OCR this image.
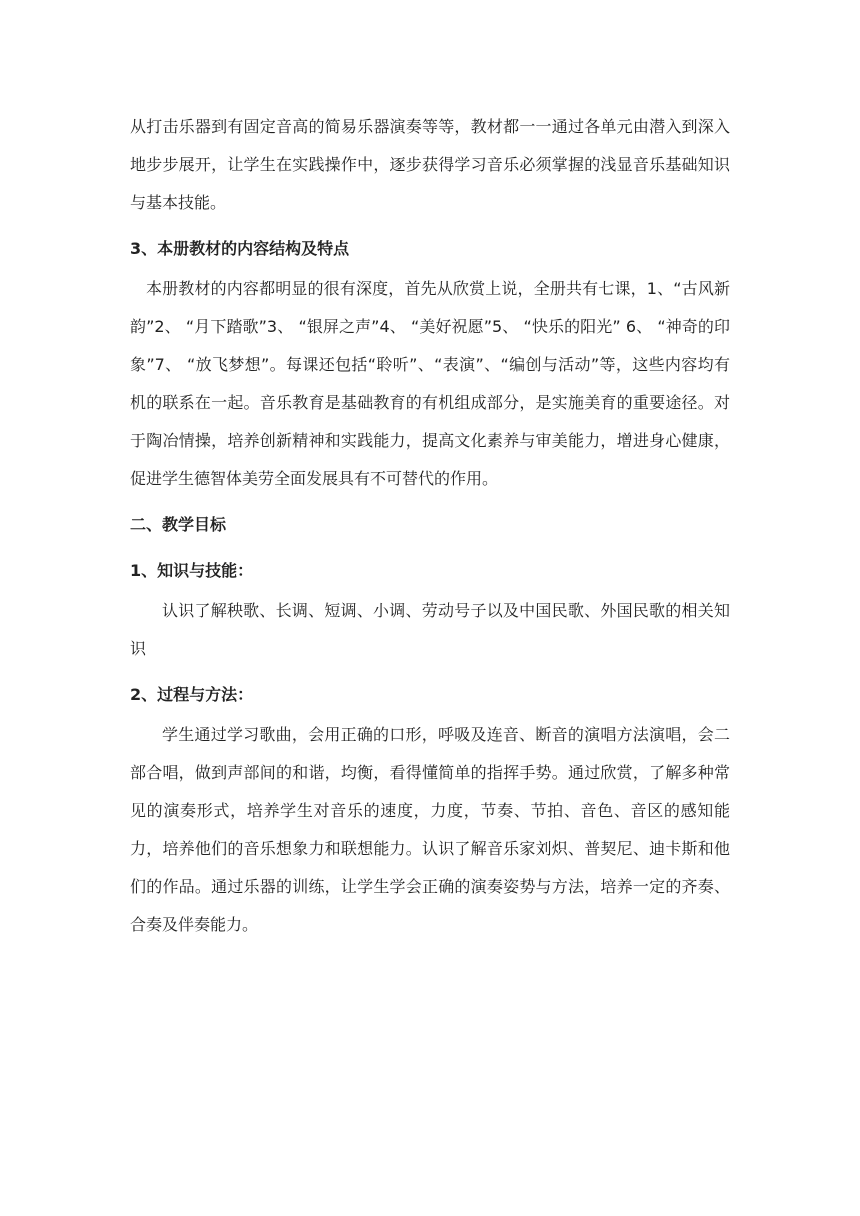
从打击乐器到有固定音高的简易乐器演奏等等，教材都一一通过各单元由潜入到深入地步步展开，让学生在实践操作中，逐步获得学习音乐必须掌握的浅显音乐基础知识与基本技能。

3、本册教材的内容结构及特点

本册教材的内容都明显的很有深度，首先从欣赏上说，全册共有七课，1、“古风新韵”2、 “月下踏歌”3、 “银屏之声”4、 “美好祝愿”5、 “快乐的阳光” 6、 “神奇的印象”7、 “放飞梦想”。每课还包括“聆听”、“表演”、“编创与活动”等，这些内容均有机的联系在一起。音乐教育是基础教育的有机组成部分，是实施美育的重要途径。对于陶冶情操，培养创新精神和实践能力，提高文化素养与审美能力，增进身心健康，促进学生德智体美劳全面发展具有不可替代的作用。

二、教学目标
1、知识与技能：

认识了解秧歌、长调、短调、小调、劳动号子以及中国民歌、外国民歌的相关知识

2、过程与方法：

学生通过学习歌曲，会用正确的口形，呼吸及连音、断音的演唱方法演唱，会二部合唱，做到声部间的和谐，均衡，看得懂简单的指挥手势。通过欣赏，了解多种常见的演奏形式，培养学生对音乐的速度，力度，节奏、节拍、音色、音区的感知能力，培养他们的音乐想象力和联想能力。认识了解音乐家刘炽、普契尼、迪卡斯和他们的作品。通过乐器的训练，让学生学会正确的演奏姿势与方法，培养一定的齐奏、合奏及伴奏能力。
